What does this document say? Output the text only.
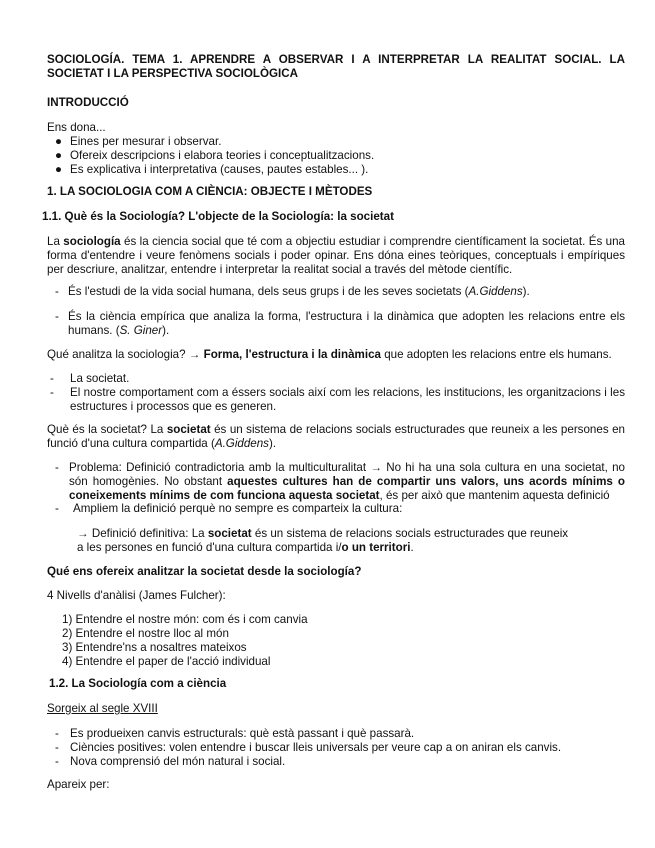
SOCIOLOGÍA. TEMA 1. APRENDRE A OBSERVAR I A INTERPRETAR LA REALITAT SOCIAL. LA SOCIETAT I LA PERSPECTIVA SOCIOLÒGICA

INTRODUCCIÓ

Ens dona...

● Eines per mesurar i observar.
● Ofereix descripcions i elabora teories i conceptualitzacions.
● Es explicativa i interpretativa (causes, pautes estables... ).

1. LA SOCIOLOGIA COM A CIÈNCIA: OBJECTE I MÈTODES

1.1. Què és la Sociología? L'objecte de la Sociología: la societat

La sociología és la ciencia social que té com a objectiu estudiar i comprendre científicament la societat. És una forma d'entendre i veure fenòmens socials i poder opinar. Ens dóna eines teòriques, conceptuals i empíriques per descriure, analitzar, entendre i interpretar la realitat social a través del mètode científic.

- És l'estudi de la vida social humana, dels seus grups i de les seves societats (A.Giddens).

- És la ciència empírica que analiza la forma, l'estructura i la dinàmica que adopten les relacions entre els humans. (S. Giner).

Qué analitza la sociologia? → Forma, l'estructura i la dinàmica que adopten les relacions entre els humans.

- La societat.

- El nostre comportament com a éssers socials així com les relacions, les institucions, les organitzacions i les estructures i processos que es generen.

Què és la societat? La societat és un sistema de relacions socials estructurades que reuneix a les persones en funció d'una cultura compartida (A.Giddens).

- Problema: Definició contradictoria amb la multiculturalitat → No hi ha una sola cultura en una societat, no són homogènies. No obstant aquestes cultures han de compartir uns valors, uns acords mínims o coneixements mínims de com funciona aquesta societat, és per això que mantenim aquesta definició

- Ampliem la definició perquè no sempre es comparteix la cultura:

→ Definició definitiva: La societat és un sistema de relacions socials estructurades que reuneix

a les persones en funció d'una cultura compartida i/o un territori.

Qué ens ofereix analitzar la societat desde la sociología?

4 Nivells d'anàlisi (James Fulcher):

1) Entendre el nostre món: com és i com canvia
2) Entendre el nostre lloc al món
3) Entendre'ns a nosaltres mateixos
4) Entendre el paper de l'acció individual

1.2. La Sociología com a ciència

Sorgeix al segle XVIII

- Es produeixen canvis estructurals: què està passant i què passarà.
- Ciències positives: volen entendre i buscar lleis universals per veure cap a on aniran els canvis.
- Nova comprensió del món natural i social.

Apareix per:
